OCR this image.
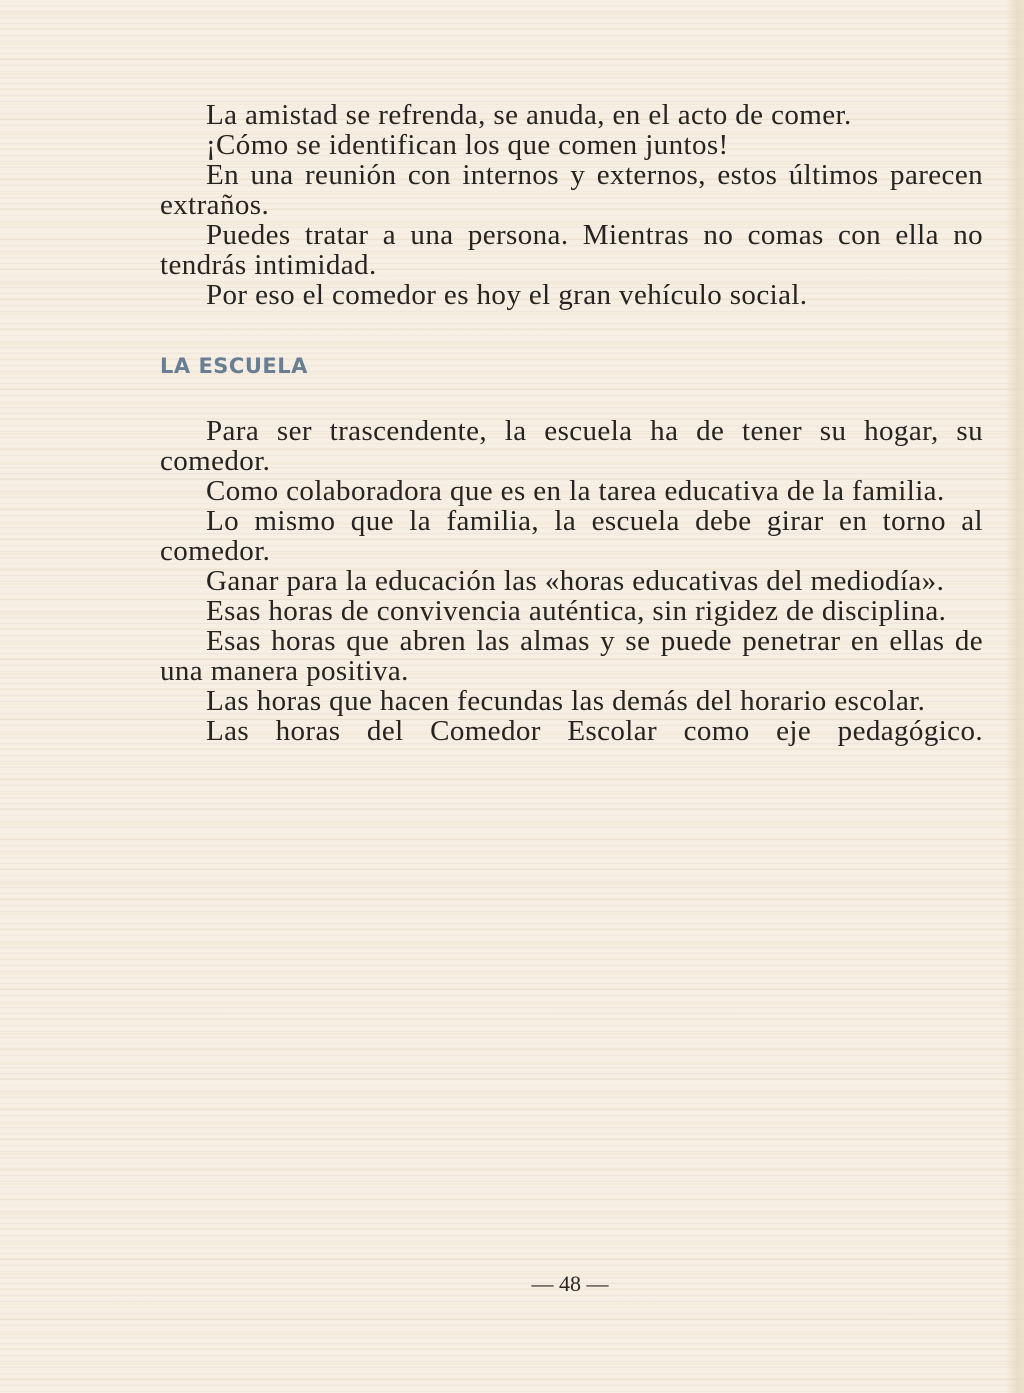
La amistad se refrenda, se anuda, en el acto de comer.

¡Cómo se identifican los que comen juntos!

En una reunión con internos y externos, estos últimos parecen extraños.

Puedes tratar a una persona. Mientras no comas con ella no tendrás intimidad.

Por eso el comedor es hoy el gran vehículo social.

LA ESCUELA

Para ser trascendente, la escuela ha de tener su hogar, su comedor.

Como colaboradora que es en la tarea educativa de la familia.

Lo mismo que la familia, la escuela debe girar en torno al comedor.

Ganar para la educación las «horas educativas del mediodía».

Esas horas de convivencia auténtica, sin rigidez de disciplina.

Esas horas que abren las almas y se puede penetrar en ellas de una manera positiva.

Las horas que hacen fecundas las demás del horario escolar.

Las horas del Comedor Escolar como eje pedagógico.

— 48 —
